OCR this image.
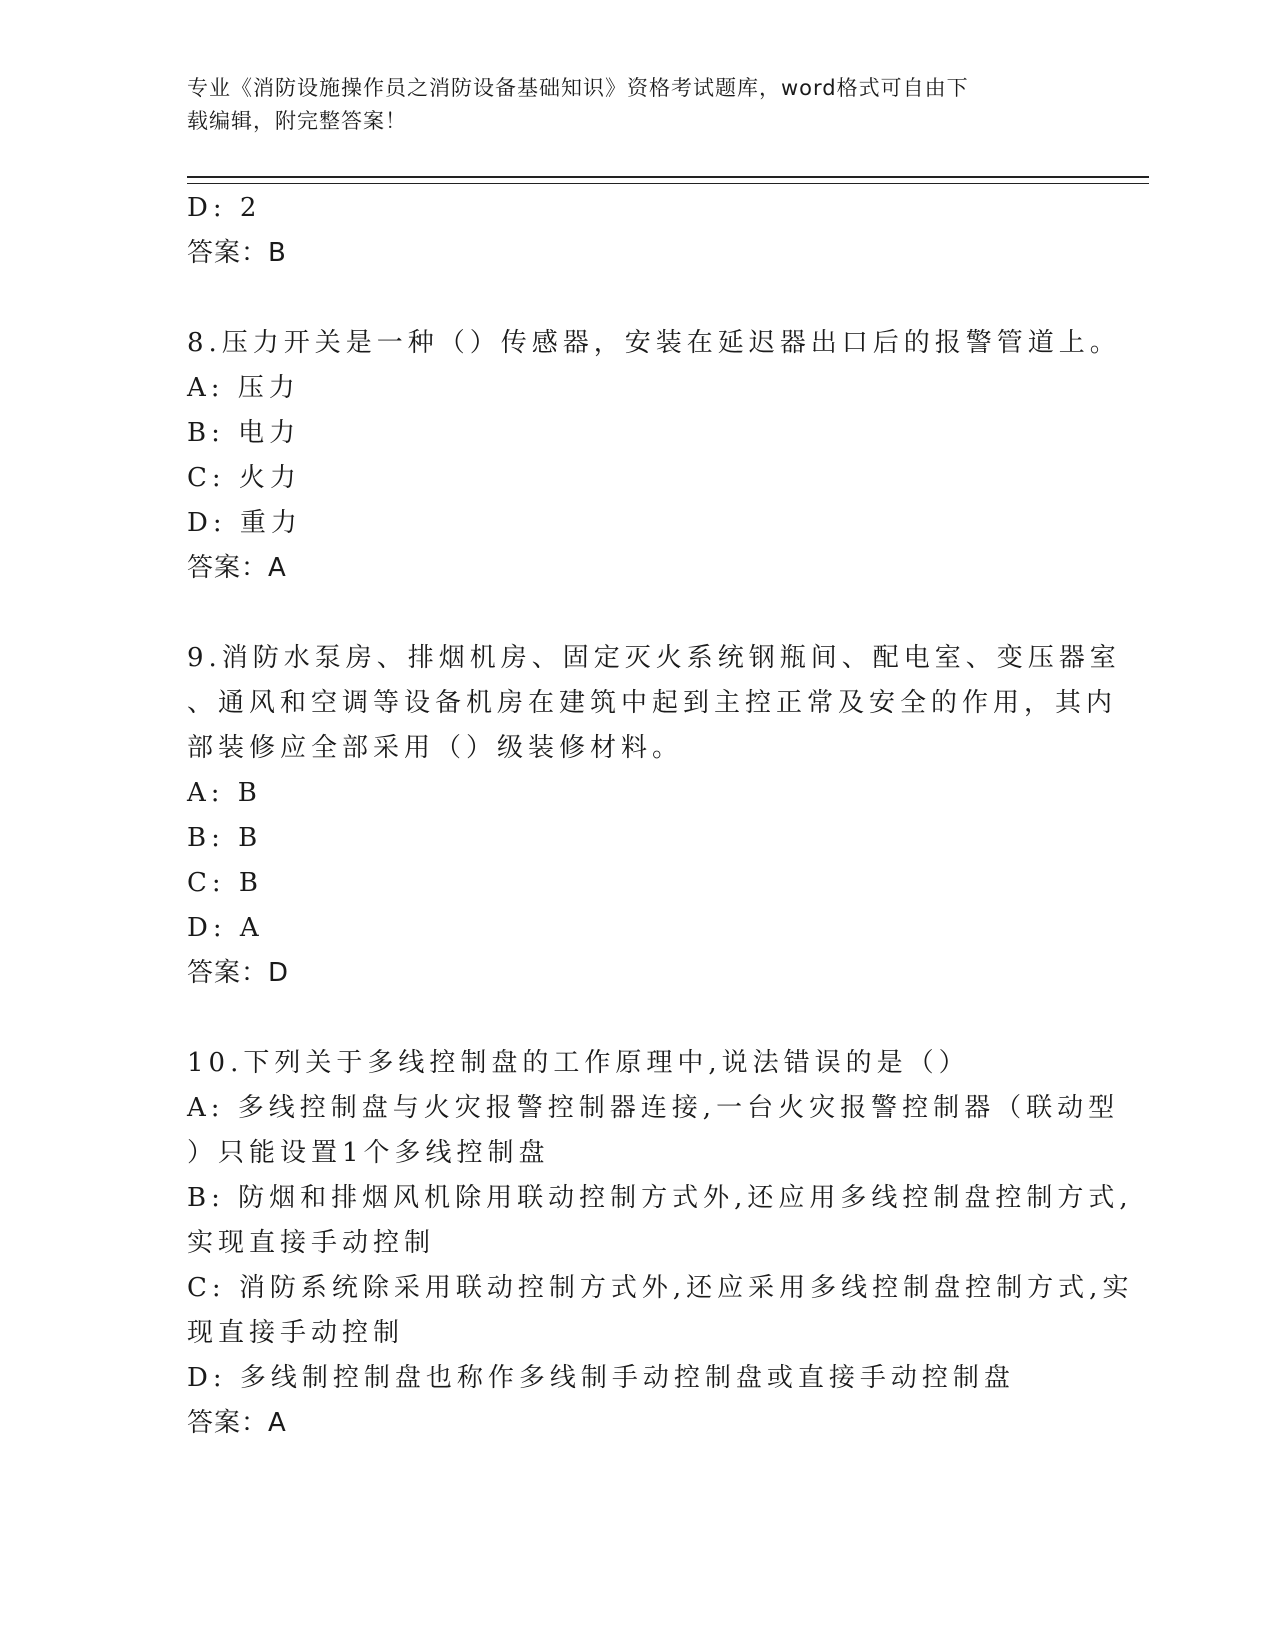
专业《消防设施操作员之消防设备基础知识》资格考试题库，word格式可自由下
载编辑，附完整答案！
D: 2
答案：B
8.压力开关是一种（）传感器，安装在延迟器出口后的报警管道上。
A: 压力
B: 电力
C: 火力
D: 重力
答案：A
9.消防水泵房、排烟机房、固定灭火系统钢瓶间、配电室、变压器室
、通风和空调等设备机房在建筑中起到主控正常及安全的作用，其内
部装修应全部采用（）级装修材料。
A: B
B: B
C: B
D: A
答案：D
10.下列关于多线控制盘的工作原理中,说法错误的是（）
A: 多线控制盘与火灾报警控制器连接,一台火灾报警控制器（联动型
）只能设置1个多线控制盘
B: 防烟和排烟风机除用联动控制方式外,还应用多线控制盘控制方式,
实现直接手动控制
C: 消防系统除采用联动控制方式外,还应采用多线控制盘控制方式,实
现直接手动控制
D: 多线制控制盘也称作多线制手动控制盘或直接手动控制盘
答案：A
